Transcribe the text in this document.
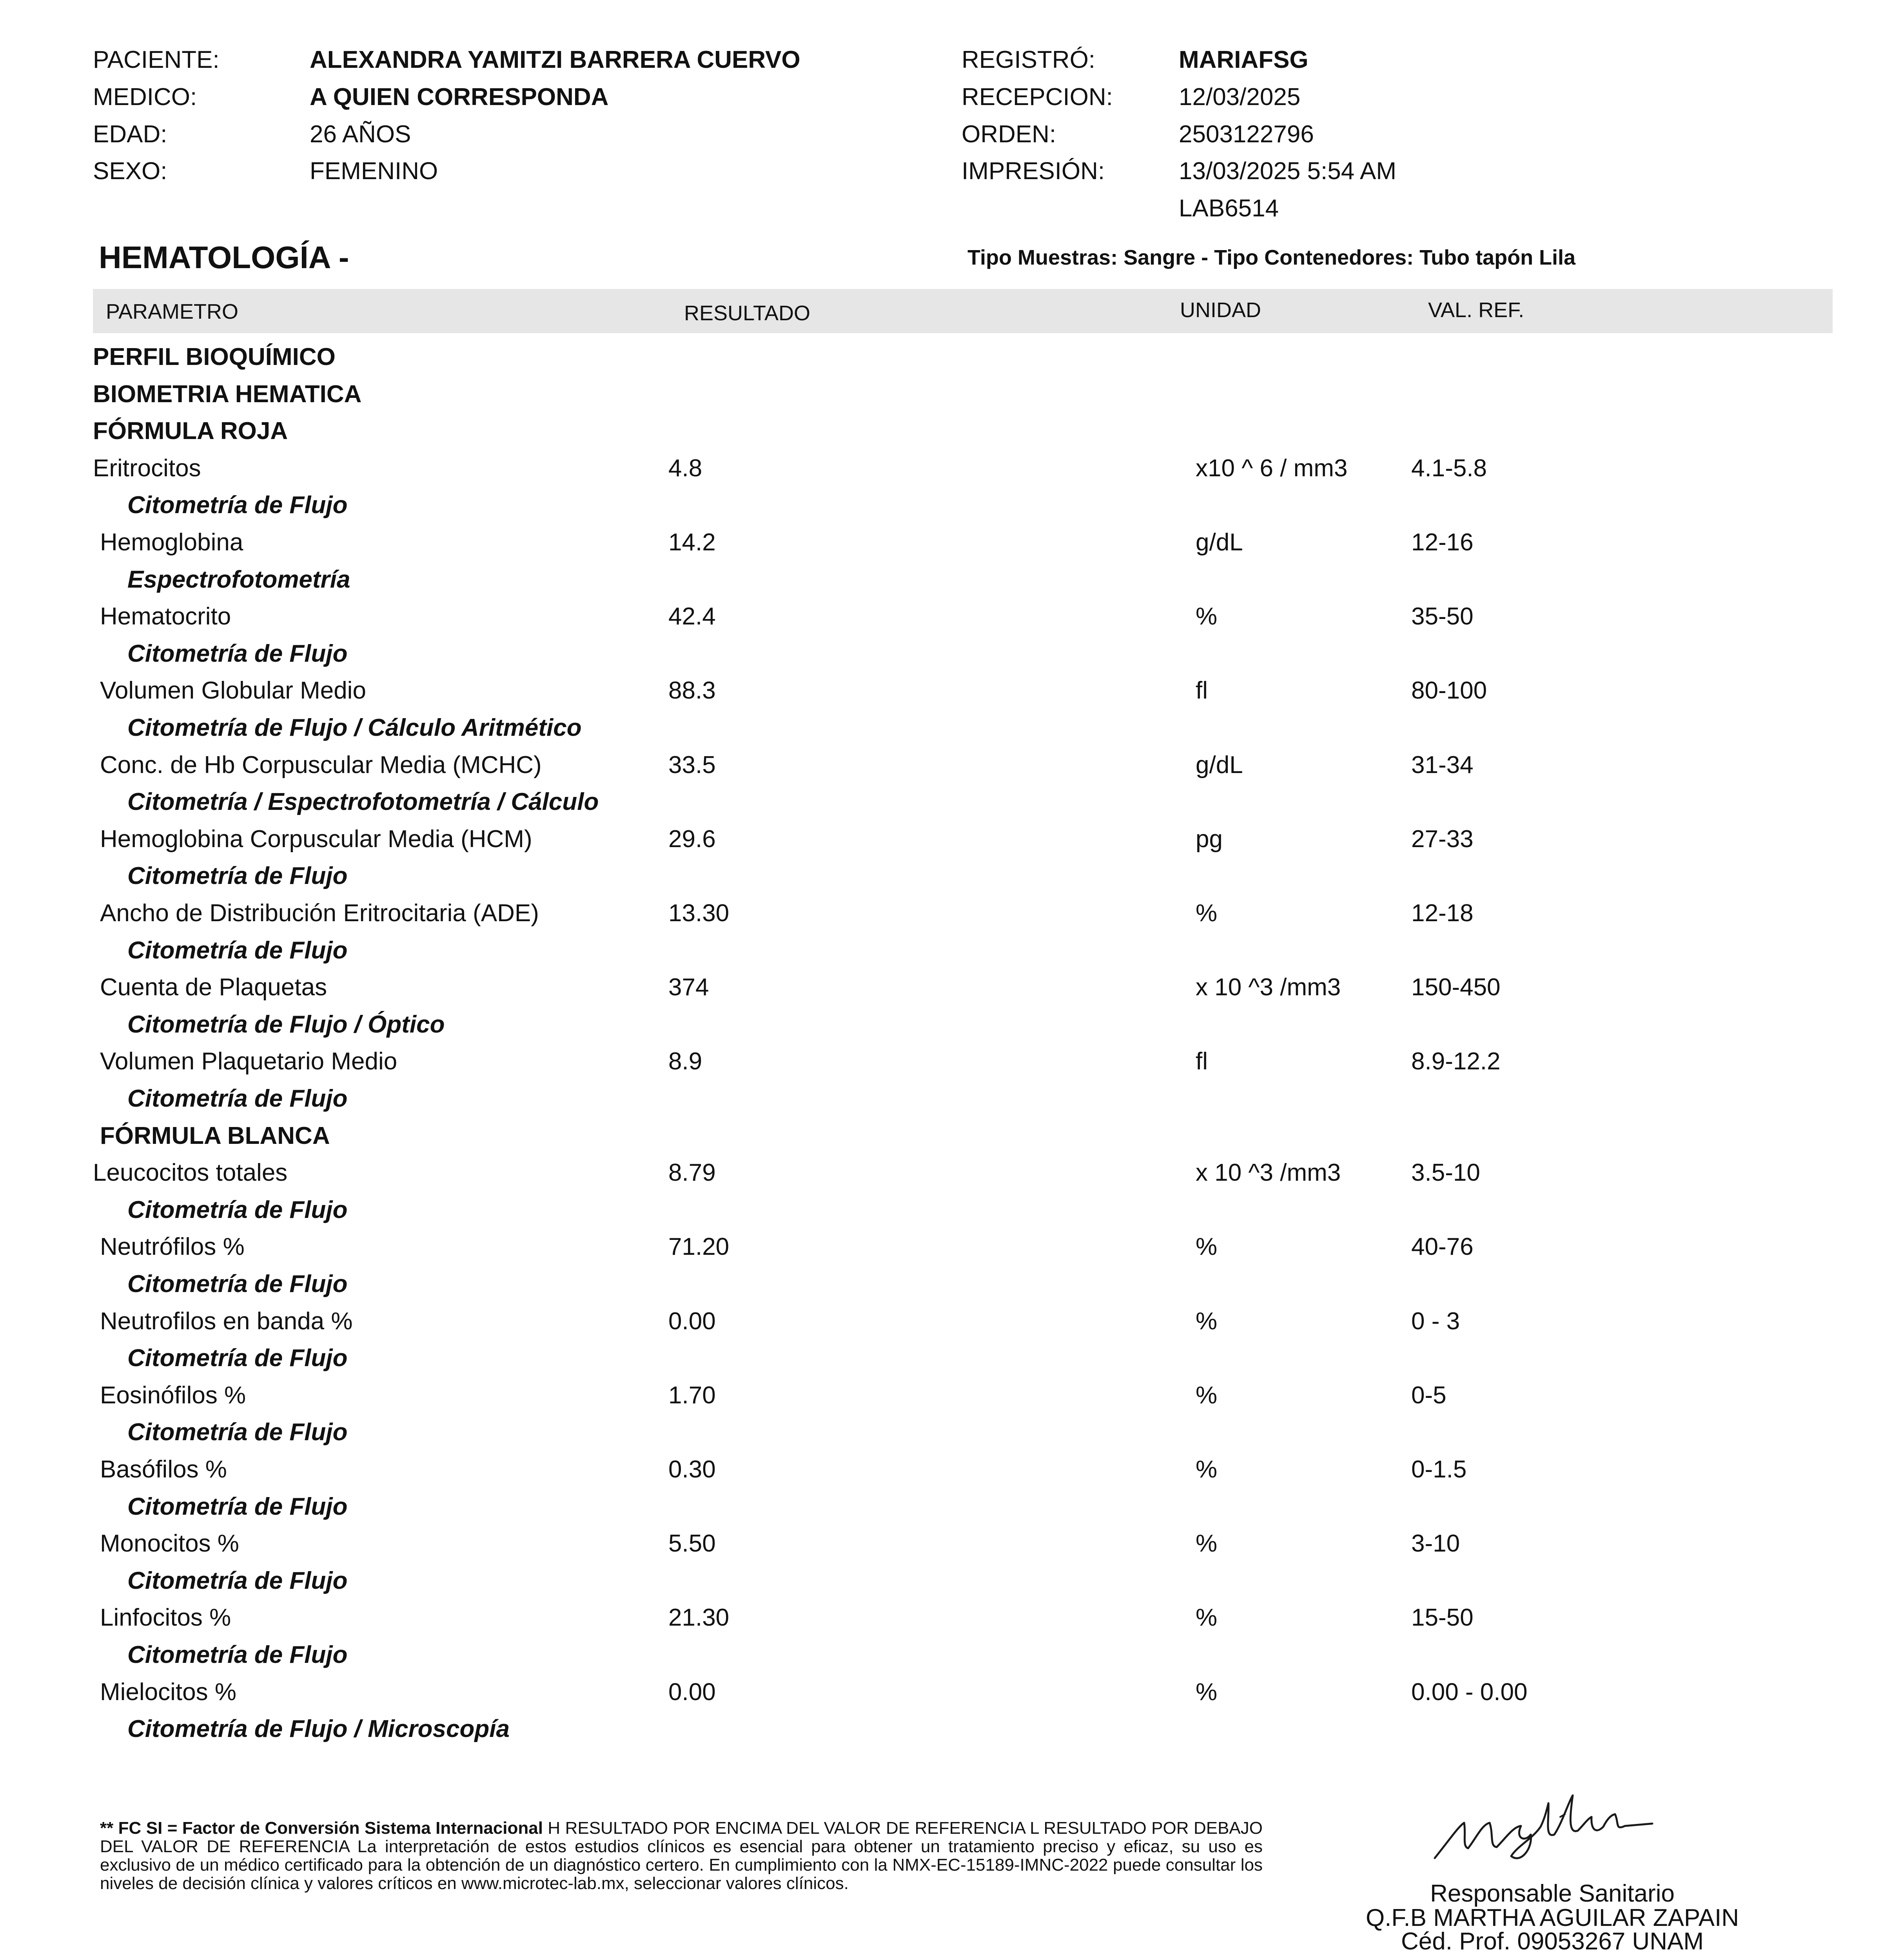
PACIENTE:	ALEXANDRA YAMITZI BARRERA CUERVO
MEDICO:	A QUIEN CORRESPONDA
EDAD:	26 AÑOS
SEXO:	FEMENINO
REGISTRÓ:	MARIAFSG
RECEPCION:	12/03/2025
ORDEN:	2503122796
IMPRESIÓN:	13/03/2025 5:54 AM
LAB6514
HEMATOLOGÍA -	Tipo Muestras: Sangre - Tipo Contenedores: Tubo tapón Lila
PARAMETRO	RESULTADO	UNIDAD	VAL. REF.
PERFIL BIOQUÍMICO
BIOMETRIA HEMATICA
FÓRMULA ROJA
Eritrocitos	4.8	x10 ^ 6 / mm3	4.1-5.8
Citometría de Flujo
Hemoglobina	14.2	g/dL	12-16
Espectrofotometría
Hematocrito	42.4	%	35-50
Citometría de Flujo
Volumen Globular Medio	88.3	fl	80-100
Citometría de Flujo / Cálculo Aritmético
Conc. de Hb Corpuscular Media (MCHC)	33.5	g/dL	31-34
Citometría / Espectrofotometría / Cálculo
Hemoglobina Corpuscular Media (HCM)	29.6	pg	27-33
Citometría de Flujo
Ancho de Distribución Eritrocitaria (ADE)	13.30	%	12-18
Citometría de Flujo
Cuenta de Plaquetas	374	x 10 ^3 /mm3	150-450
Citometría de Flujo / Óptico
Volumen Plaquetario Medio	8.9	fl	8.9-12.2
Citometría de Flujo
FÓRMULA BLANCA
Leucocitos totales	8.79	x 10 ^3 /mm3	3.5-10
Citometría de Flujo
Neutrófilos %	71.20	%	40-76
Citometría de Flujo
Neutrofilos en banda %	0.00	%	0 - 3
Citometría de Flujo
Eosinófilos %	1.70	%	0-5
Citometría de Flujo
Basófilos %	0.30	%	0-1.5
Citometría de Flujo
Monocitos %	5.50	%	3-10
Citometría de Flujo
Linfocitos %	21.30	%	15-50
Citometría de Flujo
Mielocitos %	0.00	%	0.00 - 0.00
Citometría de Flujo / Microscopía
** FC SI = Factor de Conversión Sistema Internacional H RESULTADO POR ENCIMA DEL VALOR DE REFERENCIA L RESULTADO POR DEBAJO DEL VALOR DE REFERENCIA La interpretación de estos estudios clínicos es esencial para obtener un tratamiento preciso y eficaz, su uso es exclusivo de un médico certificado para la obtención de un diagnóstico certero. En cumplimiento con la NMX-EC-15189-IMNC-2022 puede consultar los niveles de decisión clínica y valores críticos en www.microtec-lab.mx, seleccionar valores clínicos.	Responsable Sanitario
Q.F.B MARTHA AGUILAR ZAPAIN
Céd. Prof. 09053267 UNAM
